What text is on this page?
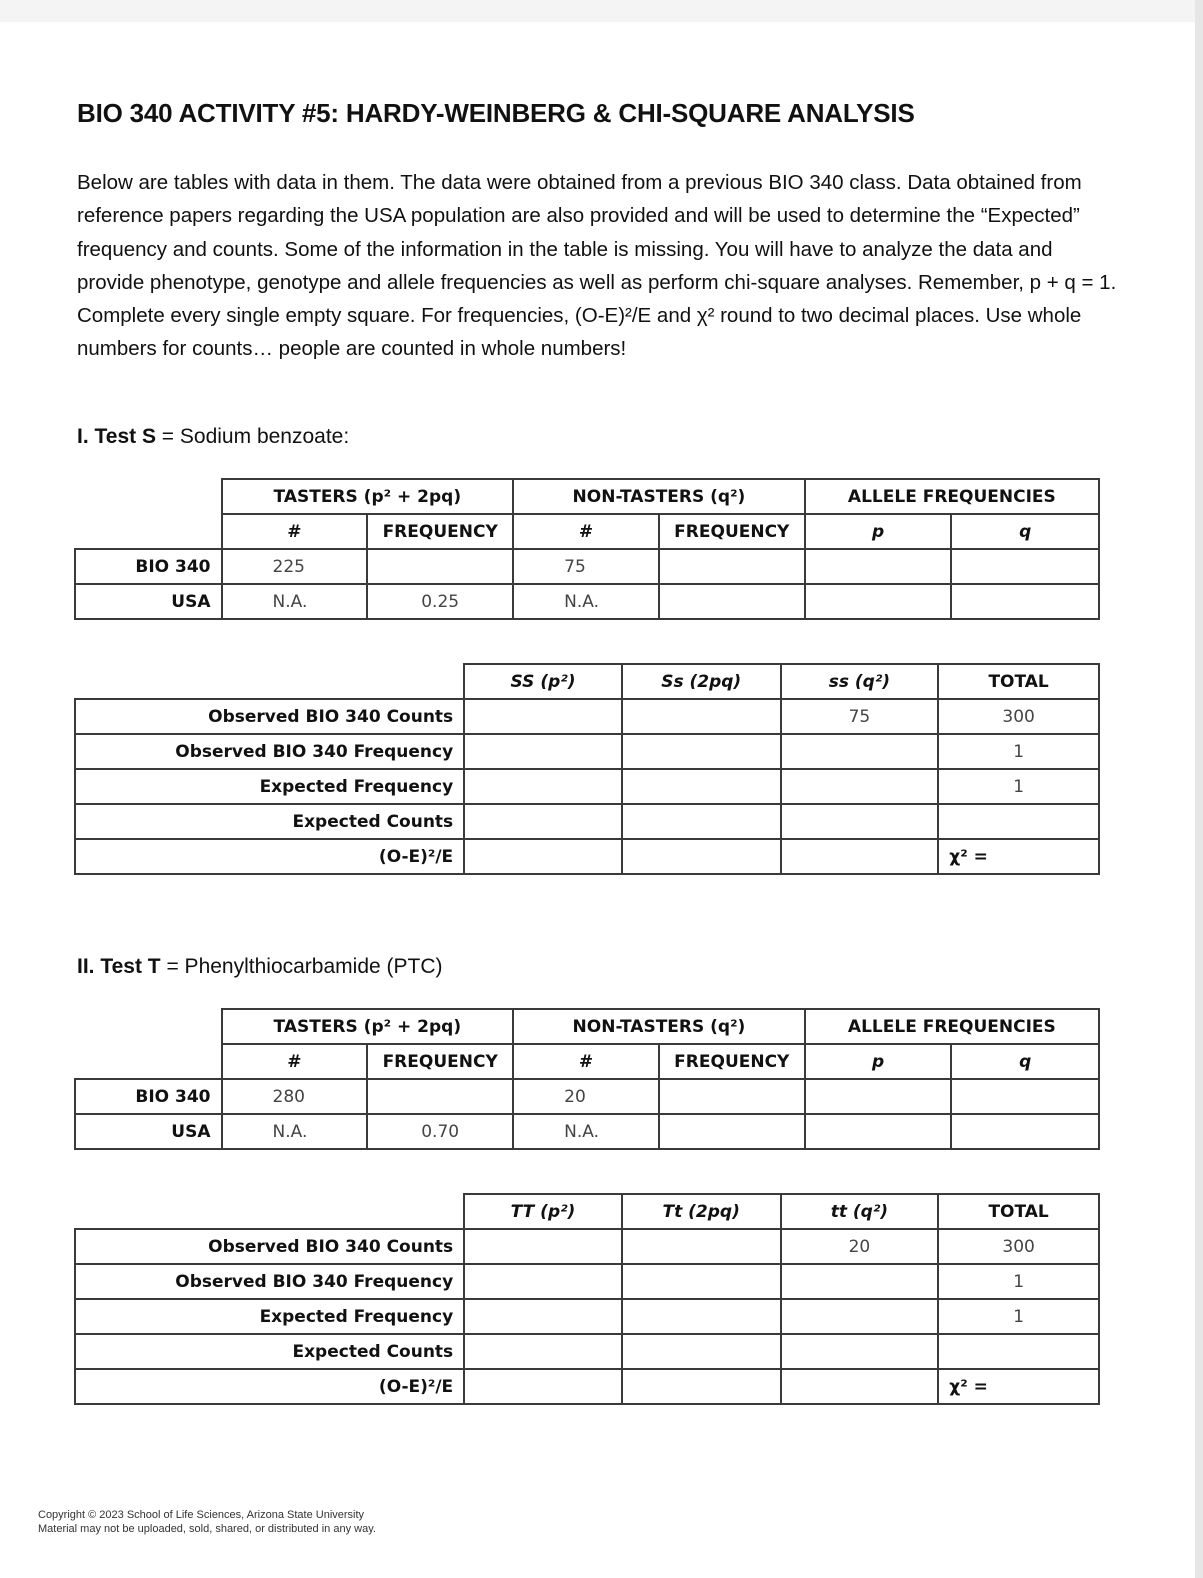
BIO 340 ACTIVITY #5: HARDY-WEINBERG & CHI-SQUARE ANALYSIS

Below are tables with data in them. The data were obtained from a previous BIO 340 class. Data obtained from reference papers regarding the USA population are also provided and will be used to determine the “Expected” frequency and counts. Some of the information in the table is missing. You will have to analyze the data and provide phenotype, genotype and allele frequencies as well as perform chi-square analyses. Remember, p + q = 1. Complete every single empty square. For frequencies, (O-E)²/E and χ² round to two decimal places. Use whole numbers for counts… people are counted in whole numbers!

I. Test S = Sodium benzoate:

	TASTERS (p² + 2pq)		NON-TASTERS (q²)		ALLELE FREQUENCIES	
	#	FREQUENCY	#	FREQUENCY	p	q
BIO 340	225		75			
USA	N.A.	0.25	N.A.			
	SS (p²)	Ss (2pq)	ss (q²)	TOTAL
Observed BIO 340 Counts			75	300
Observed BIO 340 Frequency				1
Expected Frequency				1
Expected Counts				
(O-E)²/E				χ² =

II. Test T = Phenylthiocarbamide (PTC)

	TASTERS (p² + 2pq)		NON-TASTERS (q²)		ALLELE FREQUENCIES	
	#	FREQUENCY	#	FREQUENCY	p	q
BIO 340	280		20			
USA	N.A.	0.70	N.A.			
	TT (p²)	Tt (2pq)	tt (q²)	TOTAL
Observed BIO 340 Counts			20	300
Observed BIO 340 Frequency				1
Expected Frequency				1
Expected Counts				
(O-E)²/E				χ² =
Copyright © 2023 School of Life Sciences, Arizona State University
Material may not be uploaded, sold, shared, or distributed in any way.
